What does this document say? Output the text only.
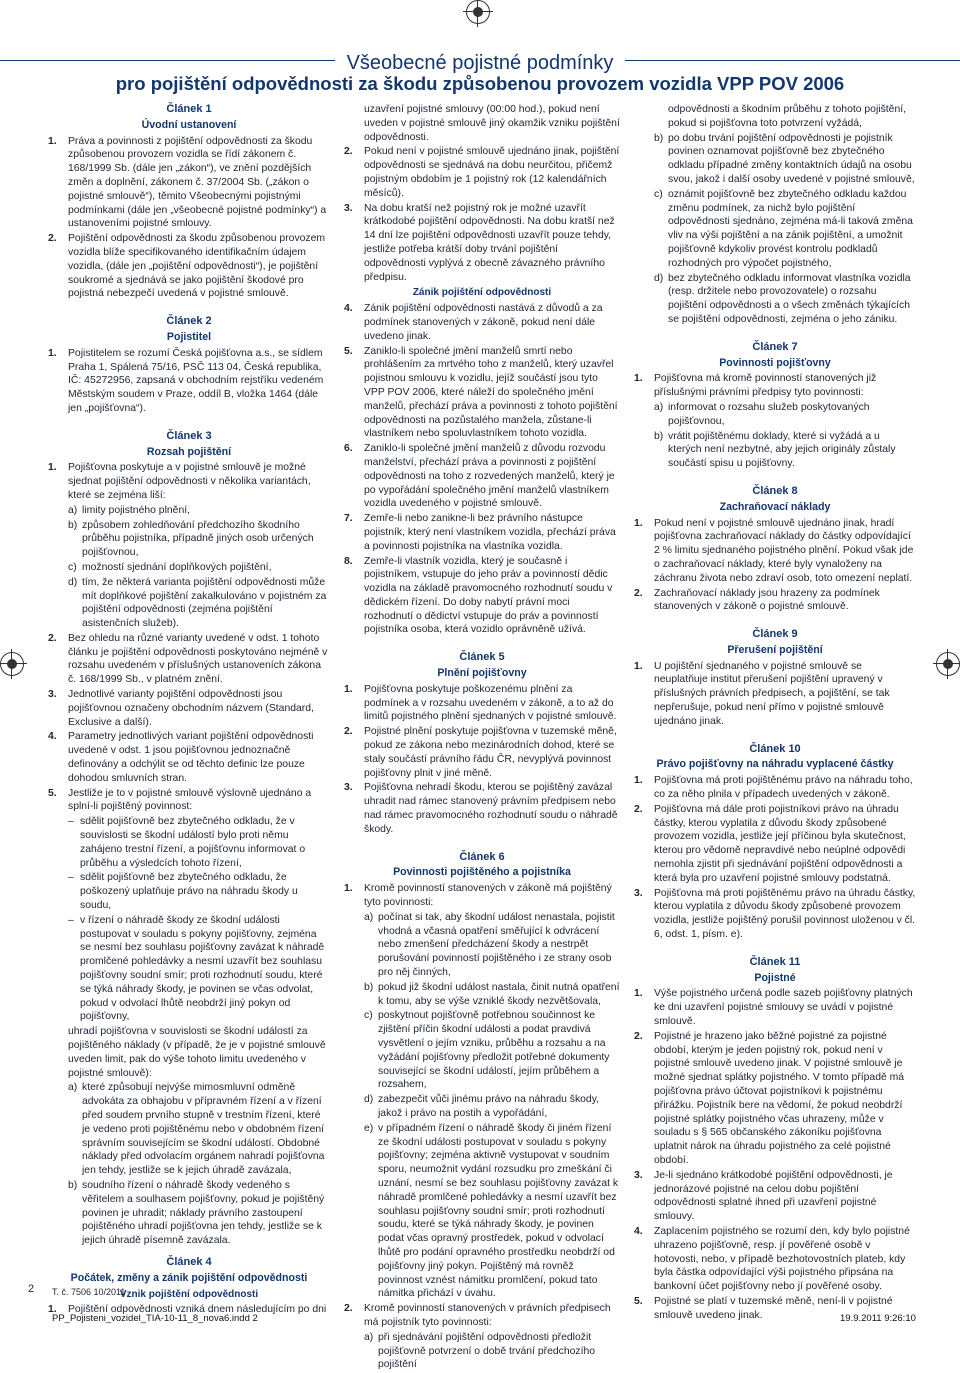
Všeobecné pojistné podmínky
pro pojištění odpovědnosti za škodu způsobenou provozem vozidla VPP POV 2006
Článek 1
Úvodní ustanovení

1. Práva a povinnosti z pojištění odpovědnosti za škodu způsobenou provozem vozidla se řídí zákonem č. 168/1999 Sb. (dále jen „zákon“), ve znění pozdějších změn a doplnění, zákonem č. 37/2004 Sb. („zákon o pojistné smlouvě“), těmito Všeobecnými pojistnými podmínkami (dále jen „všeobecné pojistné podmínky“) a ustanoveními pojistné smlouvy.

2. Pojištění odpovědnosti za škodu způsobenou provozem vozidla blíže specifikovaného identifikačním údajem vozidla, (dále jen „pojištění odpovědnosti“), je pojištění soukromé a sjednává se jako pojištění škodové pro pojistná nebezpečí uvedená v pojistné smlouvě.

Článek 2
Pojistitel

1. Pojistitelem se rozumí Česká pojišťovna a.s., se sídlem Praha 1, Spálená 75/16, PSČ 113 04, Česká republika, IČ: 45272956, zapsaná v obchodním rejstříku vedeném Městským soudem v Praze, oddíl B, vložka 1464 (dále jen „pojišťovna“).

Článek 3
Rozsah pojištění

1. Pojišťovna poskytuje a v pojistné smlouvě je možné sjednat pojištění odpovědnosti v několika variantách, které se zejména liší:

a) limity pojistného plnění,

b) způsobem zohledňování předchozího škodního průběhu pojistníka, případně jiných osob určených pojišťovnou,

c) možností sjednání doplňkových pojištění,

d) tím, že některá varianta pojištění odpovědnosti může mít doplňkové pojištění zakalkulováno v pojistném za pojištění odpovědnosti (zejména pojištění asistenčních služeb).

2. Bez ohledu na různé varianty uvedené v odst. 1 tohoto článku je pojištění odpovědnosti poskytováno nejméně v rozsahu uvedeném v příslušných ustanoveních zákona č. 168/1999 Sb., v platném znění.

3. Jednotlivé varianty pojištění odpovědnosti jsou pojišťovnou označeny obchodním názvem (Standard, Exclusive a další).

4. Parametry jednotlivých variant pojištění odpovědnosti uvedené v odst. 1 jsou pojišťovnou jednoznačně definovány a odchýlit se od těchto definic lze pouze dohodou smluvních stran.

5. Jestliže je to v pojistné smlouvě výslovně ujednáno a splní-li pojištěný povinnost:

– sdělit pojišťovně bez zbytečného odkladu, že v souvislosti se škodní událostí bylo proti němu zahájeno trestní řízení, a pojišťovnu informovat o průběhu a výsledcích tohoto řízení,

– sdělit pojišťovně bez zbytečného odkladu, že poškozený uplatňuje právo na náhradu škody u soudu,

– v řízení o náhradě škody ze škodní události postupovat v souladu s pokyny pojišťovny, zejména se nesmí bez souhlasu pojišťovny zavázat k náhradě promlčené pohledávky a nesmí uzavřít bez souhlasu pojišťovny soudní smír; proti rozhodnutí soudu, které se týká náhrady škody, je povinen se včas odvolat, pokud v odvolací lhůtě neobdrží jiný pokyn od pojišťovny,

uhradí pojišťovna v souvislosti se škodní událostí za pojištěného náklady (v případě, že je v pojistné smlouvě uveden limit, pak do výše tohoto limitu uvedeného v pojistné smlouvě):

a) které způsobují nejvýše mimosmluvní odměně advokáta za obhajobu v přípravném řízení a v řízení před soudem prvního stupně v trestním řízení, které je vedeno proti pojištěnému nebo v obdobném řízení správním souvisejícím se škodní událostí. Obdobné náklady před odvolacím orgánem nahradí pojišťovna jen tehdy, jestliže se k jejich úhradě zavázala,

b) soudního řízení o náhradě škody vedeného s věřitelem a soulhasem pojišťovny, pokud je pojištěný povinen je uhradit; náklady právního zastoupení pojištěného uhradí pojišťovna jen tehdy, jestliže se k jejich úhradě písemně zavázala.

Článek 4
Počátek, změny a zánik pojištění odpovědnosti
Vznik pojištění odpovědnosti

1. Pojištění odpovědnosti vzniká dnem následujícím po dni

uzavření pojistné smlouvy (00:00 hod.), pokud není uveden v pojistné smlouvě jiný okamžik vzniku pojištění odpovědnosti.

2. Pokud není v pojistné smlouvě ujednáno jinak, pojištění odpovědnosti se sjednává na dobu neurčitou, přičemž pojistným obdobím je 1 pojistný rok (12 kalendářních měsíců).

3. Na dobu kratší než pojistný rok je možné uzavřít krátkodobé pojištění odpovědnosti. Na dobu kratší než 14 dní lze pojištění odpovědnosti uzavřít pouze tehdy, jestliže potřeba krátší doby trvání pojištění odpovědnosti vyplývá z obecně závazného právního předpisu.

Zánik pojištění odpovědnosti

4. Zánik pojištění odpovědnosti nastává z důvodů a za podmínek stanovených v zákoně, pokud není dále uvedeno jinak.

5. Zaniklo-li společné jmění manželů smrtí nebo prohlášením za mrtvého toho z manželů, který uzavřel pojistnou smlouvu k vozidlu, jejíž součástí jsou tyto VPP POV 2006, které náleží do společného jmění manželů, přechází práva a povinnosti z tohoto pojištění odpovědnosti na pozůstalého manžela, zůstane-li vlastníkem nebo spoluvlastníkem tohoto vozidla.

6. Zaniklo-li společné jmění manželů z důvodu rozvodu manželství, přechází práva a povinnosti z pojištění odpovědnosti na toho z rozvedených manželů, který je po vypořádání společného jmění manželů vlastníkem vozidla uvedeného v pojistné smlouvě.

7. Zemře-li nebo zanikne-li bez právního nástupce pojistník, který není vlastníkem vozidla, přechází práva a povinnosti pojistníka na vlastníka vozidla.

8. Zemře-li vlastník vozidla, který je současně i pojistníkem, vstupuje do jeho práv a povinností dědic vozidla na základě pravomocného rozhodnutí soudu v dědickém řízení. Do doby nabytí právní moci rozhodnutí o dědictví vstupuje do práv a povinností pojistníka osoba, která vozidlo oprávněně užívá.

Článek 5
Plnění pojišťovny

1. Pojišťovna poskytuje poškozenému plnění za podmínek a v rozsahu uvedeném v zákoně, a to až do limitů pojistného plnění sjednaných v pojistné smlouvě.

2. Pojistné plnění poskytuje pojišťovna v tuzemské měně, pokud ze zákona nebo mezinárodních dohod, které se staly součástí právního řádu ČR, nevyplývá povinnost pojišťovny plnit v jiné měně.

3. Pojišťovna nehradí škodu, kterou se pojištěný zavázal uhradit nad rámec stanovený právním předpisem nebo nad rámec pravomocného rozhodnutí soudu o náhradě škody.

Článek 6
Povinnosti pojištěného a pojistníka

1. Kromě povinností stanovených v zákoně má pojištěný tyto povinnosti:

a) počínat si tak, aby škodní událost nenastala, pojistit vhodná a včasná opatření směřující k odvrácení nebo zmenšení předcházení škody a nestrpět porušování povinností pojištěného i ze strany osob pro něj činných,

b) pokud již škodní událost nastala, činit nutná opatření k tomu, aby se výše vzniklé škody nezvětšovala,

c) poskytnout pojišťovně potřebnou součinnost ke zjištění příčin škodní události a podat pravdivá vysvětlení o jejím vzniku, průběhu a rozsahu a na vyžádání pojišťovny předložit potřebné dokumenty související se škodní událostí, jejím průběhem a rozsahem,

d) zabezpečit vůči jinému právo na náhradu škody, jakož i právo na postih a vypořádání,

e) v případném řízení o náhradě škody či jiném řízení ze škodní události postupovat v souladu s pokyny pojišťovny; zejména aktivně vystupovat v soudním sporu, neumožnit vydání rozsudku pro zmeškání či uznání, nesmí se bez souhlasu pojišťovny zavázat k náhradě promlčené pohledávky a nesmí uzavřít bez souhlasu pojišťovny soudní smír; proti rozhodnutí soudu, které se týká náhrady škody, je povinen podat včas opravný prostředek, pokud v odvolací lhůtě pro podání opravného prostředku neobdrží od pojišťovny jiný pokyn. Pojištěný má rovněž povinnost vznést námitku promlčení, pokud tato námitka přichází v úvahu.

2. Kromě povinností stanovených v právních předpisech má pojistník tyto povinnosti:

a) při sjednávání pojištění odpovědnosti předložit pojišťovně potvrzení o době trvání předchozího pojištění

odpovědnosti a škodním průběhu z tohoto pojištění, pokud si pojišťovna toto potvrzení vyžádá,

b) po dobu trvání pojištění odpovědnosti je pojistník povinen oznamovat pojišťovně bez zbytečného odkladu případné změny kontaktních údajů na osobu svou, jakož i další osoby uvedené v pojistné smlouvě,

c) oznámit pojišťovně bez zbytečného odkladu každou změnu podmínek, za nichž bylo pojištění odpovědnosti sjednáno, zejména má-li taková změna vliv na výši pojištění a na zánik pojištění, a umožnit pojišťovně kdykoliv provést kontrolu podkladů rozhodných pro výpočet pojistného,

d) bez zbytečného odkladu informovat vlastníka vozidla (resp. držitele nebo provozovatele) o rozsahu pojištění odpovědnosti a o všech změnách týkajících se pojištění odpovědnosti, zejména o jeho zániku.

Článek 7
Povinnosti pojišťovny

1. Pojišťovna má kromě povinností stanovených již příslušnými právními předpisy tyto povinnosti:

a) informovat o rozsahu služeb poskytovaných pojišťovnou,

b) vrátit pojištěnému doklady, které si vyžádá a u kterých není nezbytné, aby jejich originály zůstaly součástí spisu u pojišťovny.

Článek 8
Zachraňovací náklady

1. Pokud není v pojistné smlouvě ujednáno jinak, hradí pojišťovna zachraňovací náklady do částky odpovídající 2 % limitu sjednaného pojistného plnění. Pokud však jde o zachraňovací náklady, které byly vynaloženy na záchranu života nebo zdraví osob, toto omezení neplatí.

2. Zachraňovací náklady jsou hrazeny za podmínek stanovených v zákoně o pojistné smlouvě.

Článek 9
Přerušení pojištění

1. U pojištění sjednaného v pojistné smlouvě se neuplatňuje institut přerušení pojištění upravený v příslušných právních předpisech, a pojištění, se tak nepřerušuje, pokud není přímo v pojistné smlouvě ujednáno jinak.

Článek 10
Právo pojišťovny na náhradu vyplacené částky

1. Pojišťovna má proti pojištěnému právo na náhradu toho, co za něho plnila v případech uvedených v zákoně.

2. Pojišťovna má dále proti pojistníkovi právo na úhradu částky, kterou vyplatila z důvodu škody způsobené provozem vozidla, jestliže její příčinou byla skutečnost, kterou pro vědomě nepravdivé nebo neúplné odpovědi nemohla zjistit při sjednávání pojištění odpovědnosti a která byla pro uzavření pojistné smlouvy podstatná.

3. Pojišťovna má proti pojištěnému právo na úhradu částky, kterou vyplatila z důvodu škody způsobené provozem vozidla, jestliže pojištěný porušil povinnost uloženou v čl. 6, odst. 1, písm. e).

Článek 11
Pojistné

1. Výše pojistného určená podle sazeb pojišťovny platných ke dni uzavření pojistné smlouvy se uvádí v pojistné smlouvě.

2. Pojistné je hrazeno jako běžné pojistné za pojistné období, kterým je jeden pojistný rok, pokud není v pojistné smlouvě uvedeno jinak. V pojistné smlouvě je možné sjednat splátky pojistného. V tomto případě má pojišťovna právo účtovat pojistníkovi k pojistnému přirážku. Pojistník bere na vědomí, že pokud neobdrží pojistné splátky pojistného včas uhrazeny, může v souladu s § 565 občanského zákoníku pojišťovna uplatnit nárok na úhradu pojistného za celé pojistné období.

3. Je-li sjednáno krátkodobé pojištění odpovědnosti, je jednorázové pojistné na celou dobu pojištění odpovědnosti splatné ihned při uzavření pojistné smlouvy.

4. Zaplacením pojistného se rozumí den, kdy bylo pojistné uhrazeno pojišťovně, resp. jí pověřené osobě v hotovosti, nebo, v případě bezhotovostních plateb, kdy byla částka odpovídající výši pojistného připsána na bankovní účet pojišťovny nebo jí pověřené osoby.

5. Pojistné se platí v tuzemské měně, není-li v pojistné smlouvě uvedeno jinak.

2 T. č. 7506 10/2011
PP_Pojisteni_vozidel_TIA-10-11_8_nova6.indd 2	19.9.2011 9:26:10
